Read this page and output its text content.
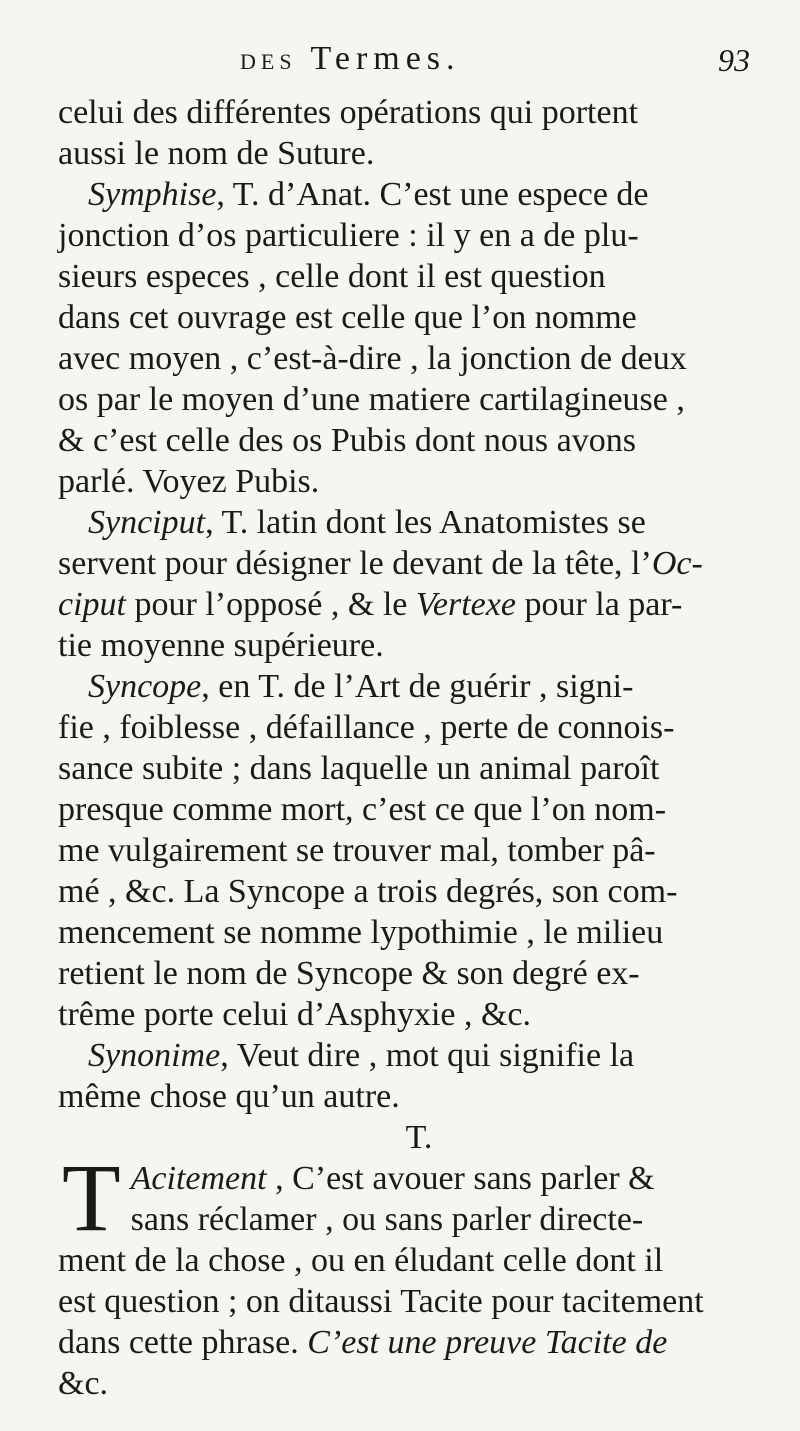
DES Termes.	93

celui des différentes opérations qui portent
aussi le nom de Suture.

Symphise, T. d’Anat. C’est une espece de
jonction d’os particuliere : il y en a de plu-
sieurs especes , celle dont il est question
dans cet ouvrage est celle que l’on nomme
avec moyen , c’est-à-dire , la jonction de deux
os par le moyen d’une matiere cartilagineuse ,
& c’est celle des os Pubis dont nous avons
parlé. Voyez Pubis.

Synciput, T. latin dont les Anatomistes se
servent pour désigner le devant de la tête, l’Oc-
ciput pour l’opposé , & le Vertexe pour la par-
tie moyenne supérieure.

Syncope, en T. de l’Art de guérir , signi-
fie , foiblesse , défaillance , perte de connois-
sance subite ; dans laquelle un animal paroît
presque comme mort, c’est ce que l’on nom-
me vulgairement se trouver mal, tomber pâ-
mé , &c. La Syncope a trois degrés, son com-
mencement se nomme lypothimie , le milieu
retient le nom de Syncope & son degré ex-
trême porte celui d’Asphyxie , &c.

Synonime, Veut dire , mot qui signifie la
même chose qu’un autre.

T.

T Acitement , C’est avouer sans parler &
sans réclamer , ou sans parler directe-
ment de la chose , ou en éludant celle dont il
est question ; on ditaussi Tacite pour tacitement
dans cette phrase. C’est une preuve Tacite de
&c.
